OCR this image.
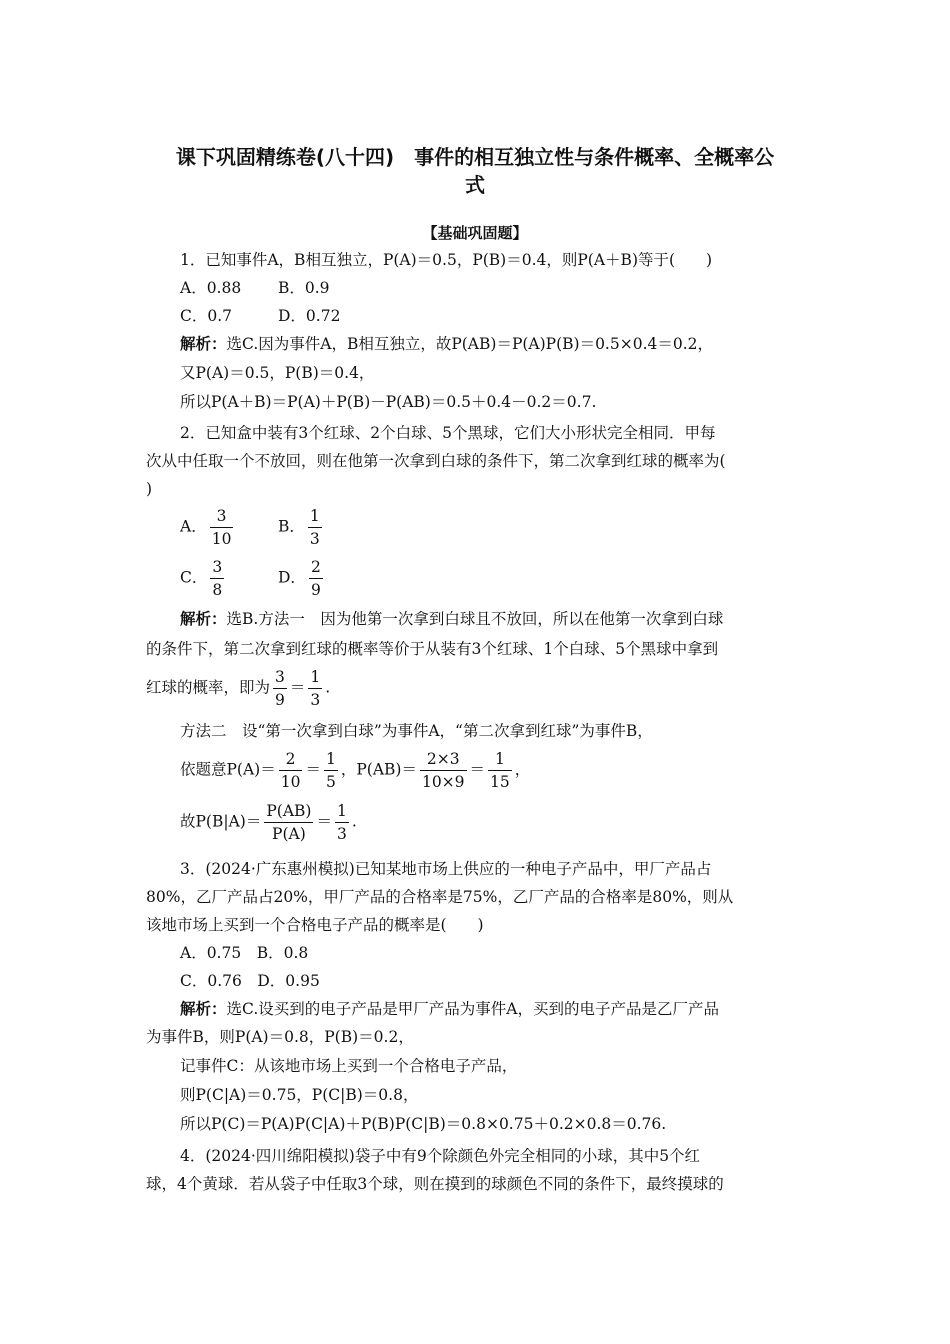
课下巩固精练卷(八十四)　事件的相互独立性与条件概率、全概率公
式
【基础巩固题】
1．已知事件A，B相互独立，P(A)＝0.5，P(B)＝0.4，则P(A＋B)等于(　　)
A．0.88 B．0.9
C．0.7	D．0.72
解析：选C.因为事件A，B相互独立，故P(AB)＝P(A)P(B)＝0.5×0.4＝0.2，
又P(A)＝0.5，P(B)＝0.4，
所以P(A＋B)＝P(A)＋P(B)－P(AB)＝0.5＋0.4－0.2＝0.7.
2．已知盒中装有3个红球、2个白球、5个黑球，它们大小形状完全相同．甲每
次从中任取一个不放回，则在他第一次拿到白球的条件下，第二次拿到红球的概率为(
)
A． $\frac{3}{10}$	B． $\frac{1}{3}$
C． $\frac{3}{8}$	D． $\frac{2}{9}$
解析：选B.方法一　因为他第一次拿到白球且不放回，所以在他第一次拿到白球
的条件下，第二次拿到红球的概率等价于从装有3个红球、1个白球、5个黑球中拿到
红球的概率，即为 $\frac{3}{9} = \frac{1}{3}$ .
方法二　设“第一次拿到白球”为事件A，“第二次拿到红球”为事件B，
依题意$P(A)= \frac{2}{10} = \frac{1}{5}$ ，$P(AB)= \frac{2\times 3}{10\times 9} = \frac{1}{15}$ ，
故$P(B|A)= \frac{P(AB)}{P(A)} = \frac{1}{3}$ .
3．(2024·广东惠州模拟)已知某地市场上供应的一种电子产品中，甲厂产品占
80%，乙厂产品占20%，甲厂产品的合格率是75%，乙厂产品的合格率是80%，则从
该地市场上买到一个合格电子产品的概率是(　　)
A．0.75　B．0.8
C．0.76　D．0.95
解析：选C.设买到的电子产品是甲厂产品为事件A，买到的电子产品是乙厂产品
为事件B，则P(A)＝0.8，P(B)＝0.2，
记事件C：从该地市场上买到一个合格电子产品，
则P(C|A)＝0.75，P(C|B)＝0.8，
所以P(C)＝P(A)P(C|A)＋P(B)P(C|B)＝0.8×0.75＋0.2×0.8＝0.76.
4．(2024·四川绵阳模拟)袋子中有9个除颜色外完全相同的小球，其中5个红
球，4个黄球．若从袋子中任取3个球，则在摸到的球颜色不同的条件下，最终摸球的
